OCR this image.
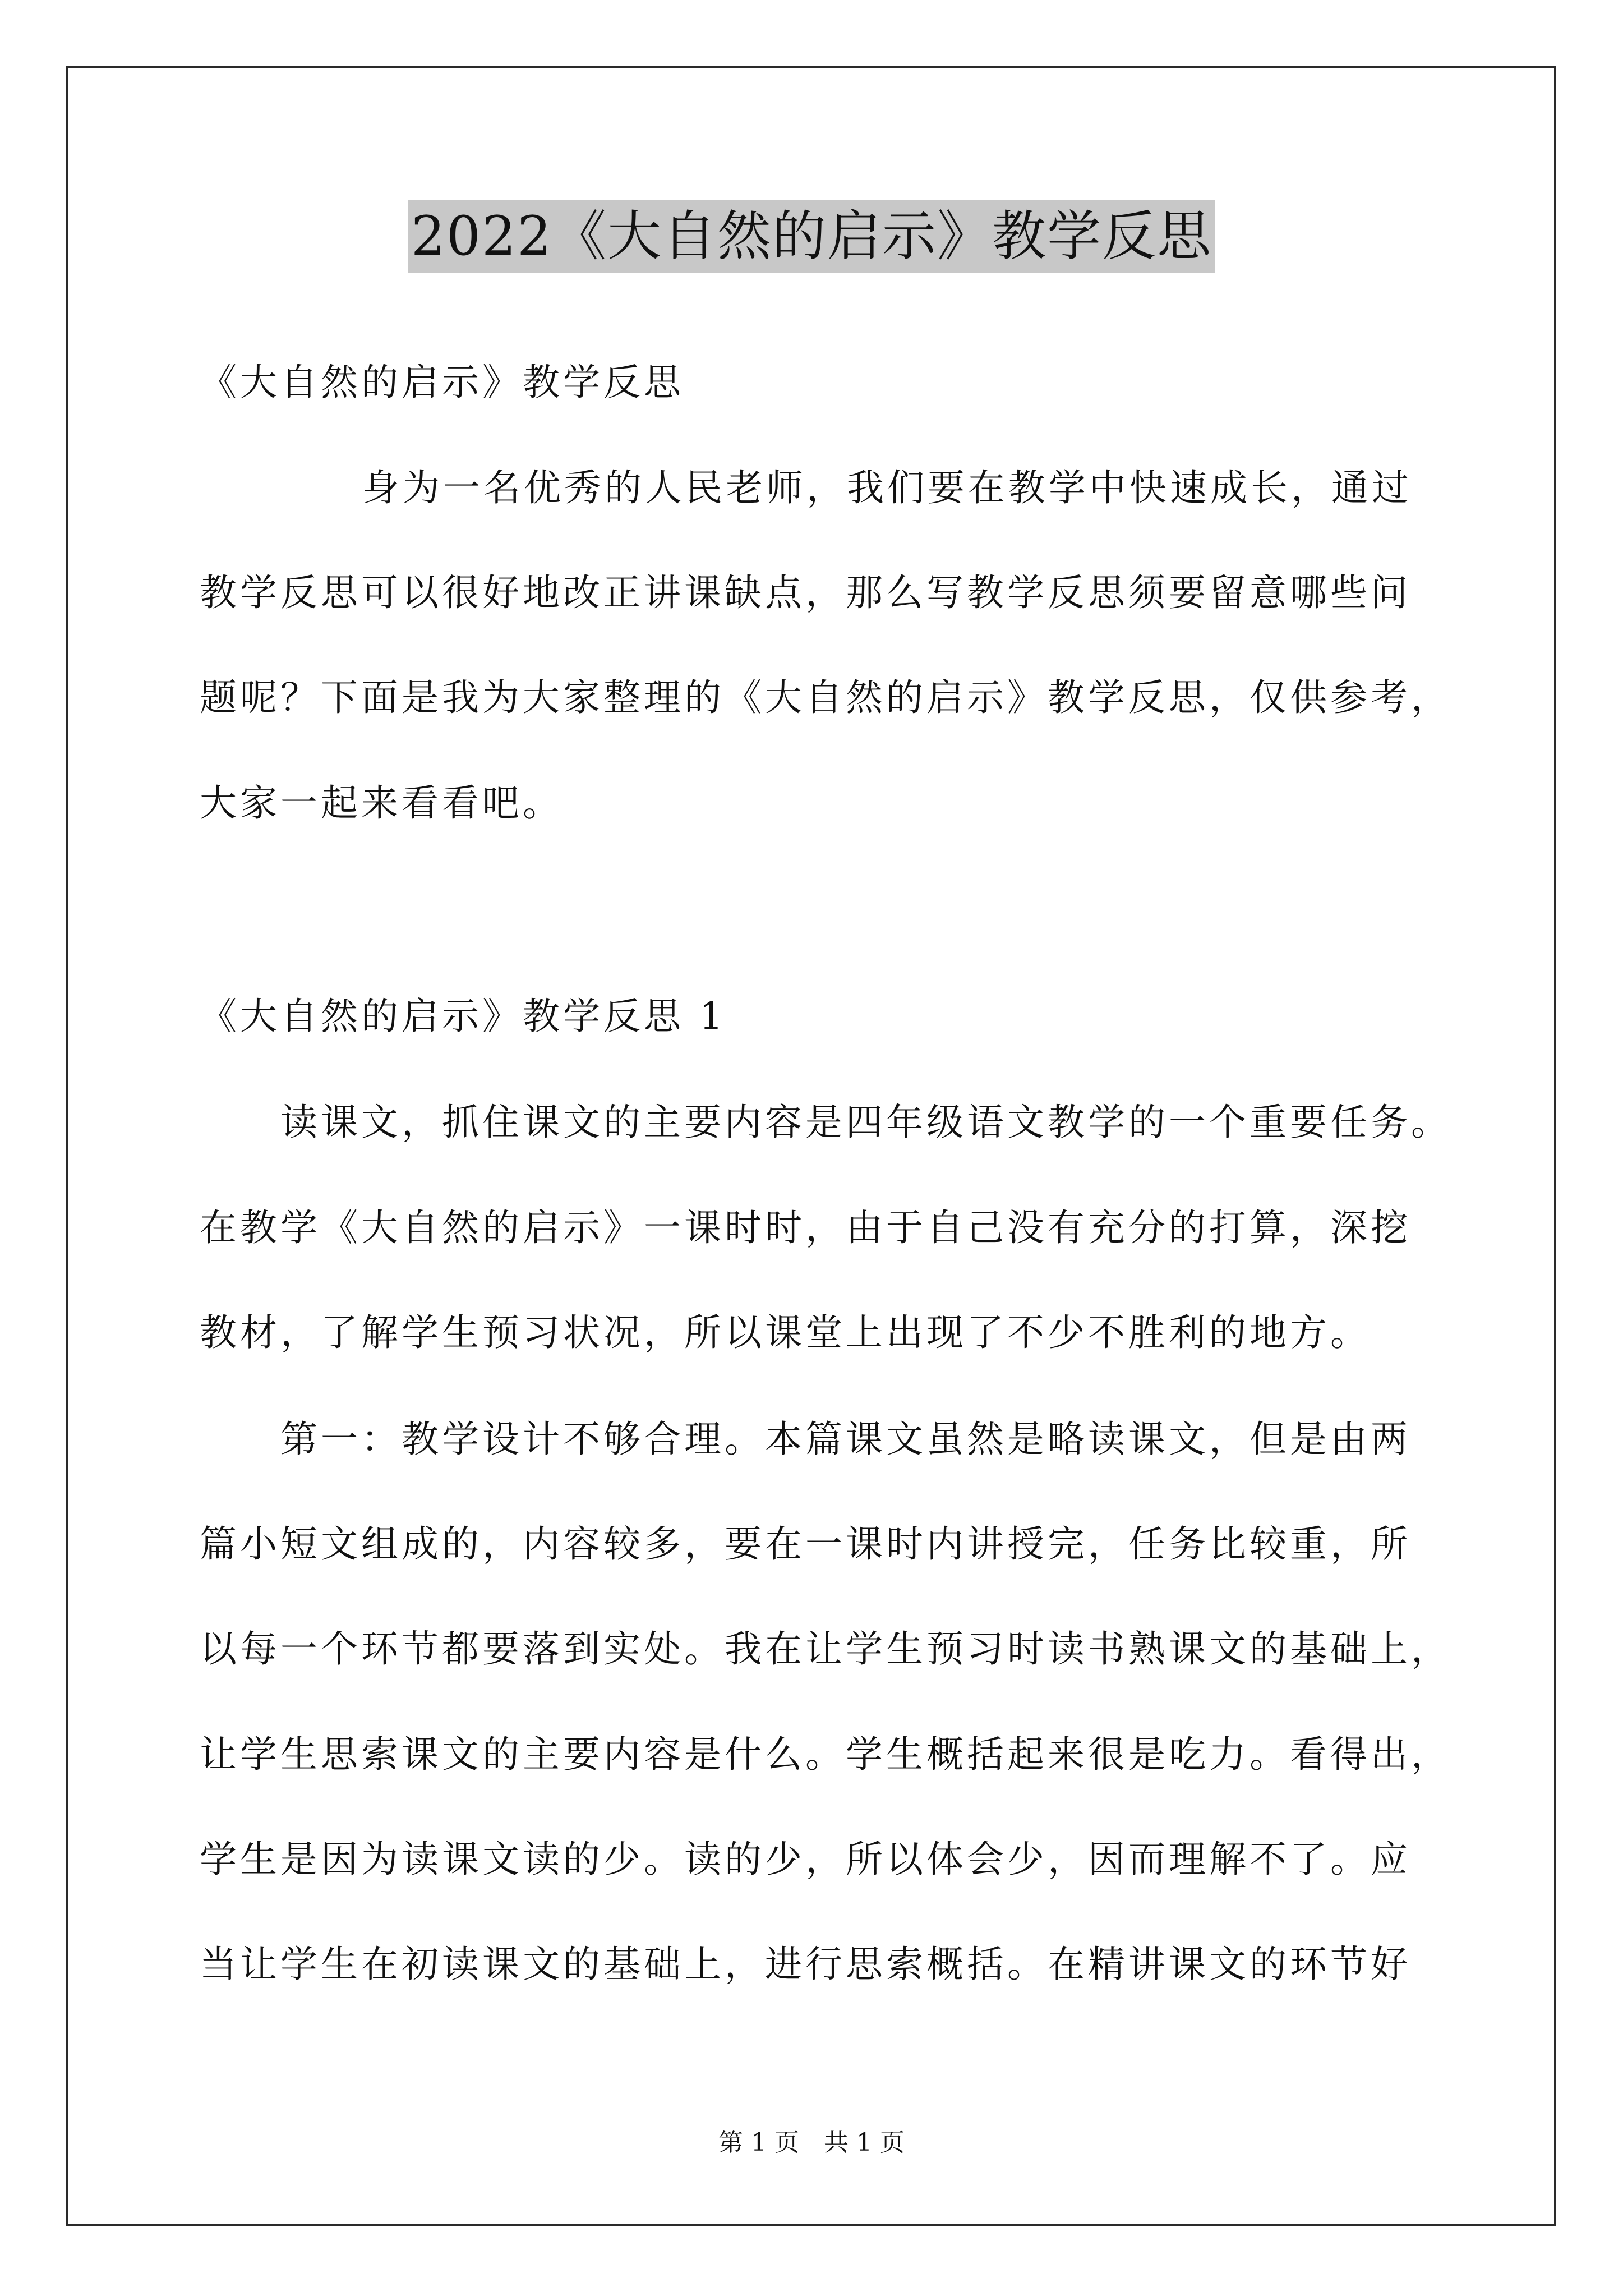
2022《大自然的启示》教学反思
《大自然的启示》教学反思
身为一名优秀的人民老师，我们要在教学中快速成长，通过
教学反思可以很好地改正讲课缺点，那么写教学反思须要留意哪些问
题呢？下面是我为大家整理的《大自然的启示》教学反思，仅供参考，
大家一起来看看吧。
《大自然的启示》教学反思 1
读课文，抓住课文的主要内容是四年级语文教学的一个重要任务。
在教学《大自然的启示》一课时时，由于自己没有充分的打算，深挖
教材，了解学生预习状况，所以课堂上出现了不少不胜利的地方。
第一：教学设计不够合理。本篇课文虽然是略读课文，但是由两
篇小短文组成的，内容较多，要在一课时内讲授完，任务比较重，所
以每一个环节都要落到实处。我在让学生预习时读书熟课文的基础上，
让学生思索课文的主要内容是什么。学生概括起来很是吃力。看得出，
学生是因为读课文读的少。读的少，所以体会少，因而理解不了。应
当让学生在初读课文的基础上，进行思索概括。在精讲课文的环节好
第 1 页　共 1 页
